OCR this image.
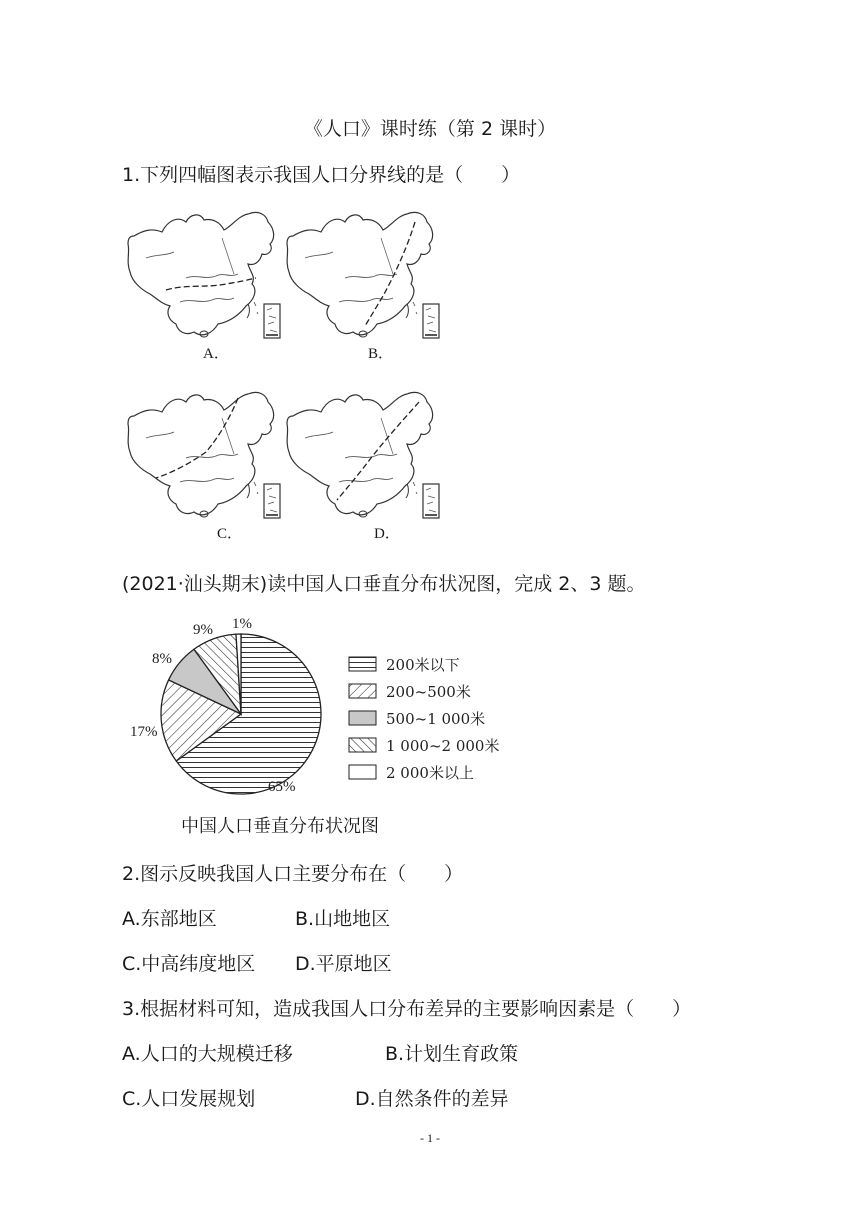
《人口》课时练（第 2 课时）
1.下列四幅图表示我国人口分界线的是（　　）
A．	B．
C．	D．
(2021·汕头期末)读中国人口垂直分布状况图，完成 2、3 题。
65%
17%
8%
9% 1%
200米以下
200~500米
500~1 000米
1 000~2 000米
2 000米以上
中国人口垂直分布状况图
2.图示反映我国人口主要分布在（　　）
A.东部地区	B.山地地区
C.中高纬度地区 D.平原地区
3.根据材料可知，造成我国人口分布差异的主要影响因素是（　　）
A.人口的大规模迁移	B.计划生育政策
C.人口发展规划	D.自然条件的差异
- 1 -
